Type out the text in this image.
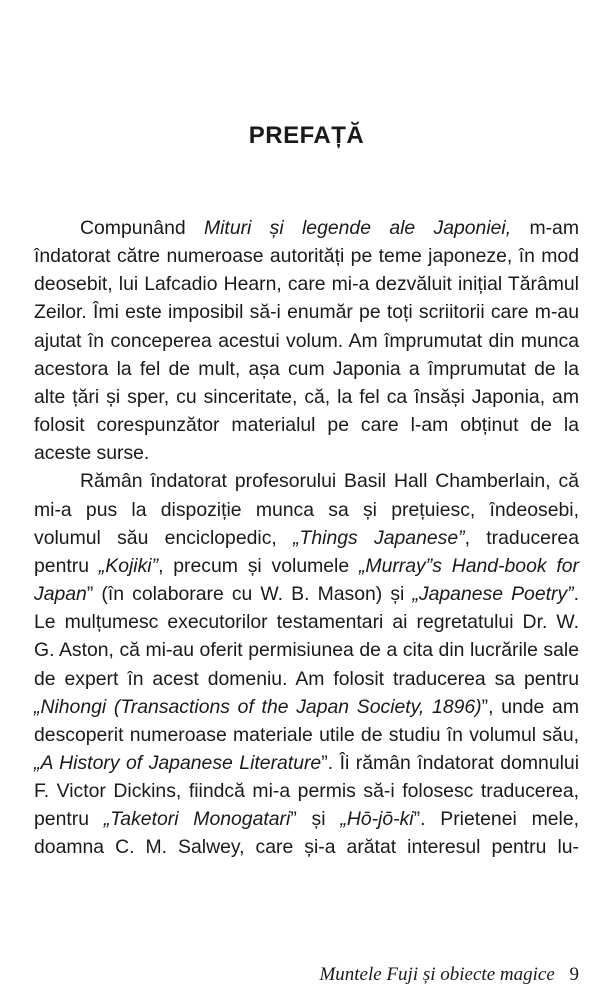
PREFAȚĂ

Compunând Mituri și legende ale Japoniei, m-am îndatorat către numeroase autorități pe teme japoneze, în mod deosebit, lui Lafcadio Hearn, care mi-a dezvăluit inițial Tărâmul Zeilor. Îmi este imposibil să-i enumăr pe toți scriitorii care m-au ajutat în conceperea acestui volum. Am împrumutat din munca acestora la fel de mult, așa cum Japonia a împrumutat de la alte țări și sper, cu sinceritate, că, la fel ca însăși Japonia, am folosit corespunzător materialul pe care l-am obținut de la aceste surse.

Rămân îndatorat profesorului Basil Hall Chamberlain, că mi-a pus la dispoziție munca sa și prețuiesc, îndeosebi, volumul său enciclopedic, „Things Japanese”, traducerea pentru „Kojiki”, precum și volumele „Murray”s Hand-book for Japan” (în colaborare cu W. B. Mason) și „Japanese Poetry”. Le mulțumesc executorilor testamentari ai regretatului Dr. W. G. Aston, că mi-au oferit permisiunea de a cita din lucrările sale de expert în acest domeniu. Am folosit traducerea sa pentru „Nihongi (Transactions of the Japan Society, 1896)”, unde am descoperit numeroase materiale utile de studiu în volumul său, „A History of Japanese Literature”. Îi rămân îndatorat domnului F. Victor Dickins, fiindcă mi-a permis să-i folosesc traducerea, pentru „Taketori Monogatari” și „Hō-jō-ki”. Prietenei mele, doamna C. M. Salwey, care și-a arătat interesul pentru lu-

Muntele Fuji și obiecte magice 9
